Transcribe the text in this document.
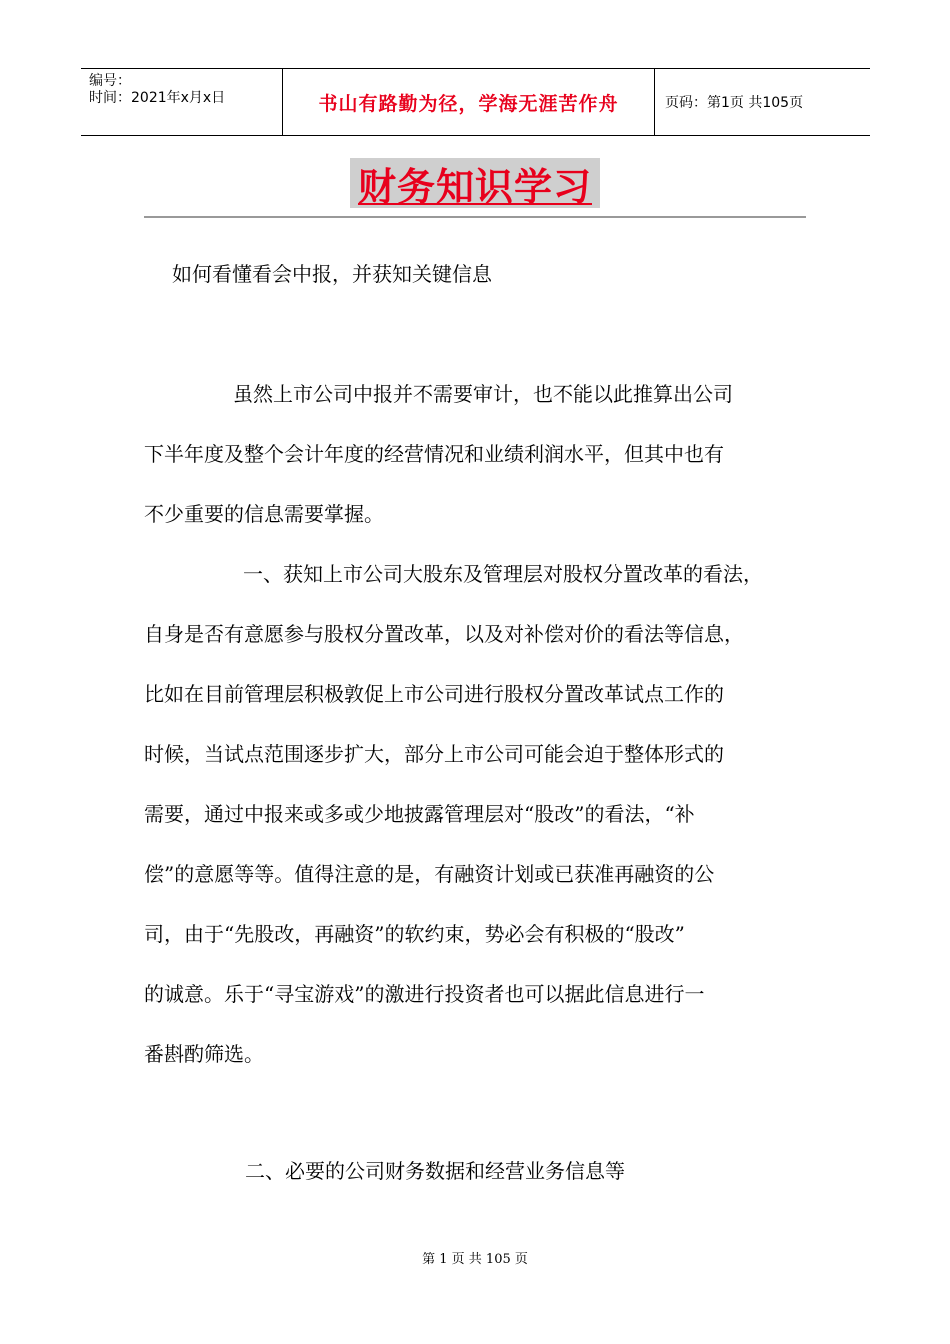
编号：
时间：2021年x月x日	书山有路勤为径，学海无涯苦作舟	页码：第1页 共105页
财务知识学习
如何看懂看会中报，并获知关键信息
虽然上市公司中报并不需要审计，也不能以此推算出公司
下半年度及整个会计年度的经营情况和业绩利润水平，但其中也有
不少重要的信息需要掌握。
一、获知上市公司大股东及管理层对股权分置改革的看法，
自身是否有意愿参与股权分置改革，以及对补偿对价的看法等信息，
比如在目前管理层积极敦促上市公司进行股权分置改革试点工作的
时候，当试点范围逐步扩大，部分上市公司可能会迫于整体形式的
需要，通过中报来或多或少地披露管理层对“股改”的看法，“补
偿”的意愿等等。值得注意的是，有融资计划或已获准再融资的公
司，由于“先股改，再融资”的软约束，势必会有积极的“股改”
的诚意。乐于“寻宝游戏”的激进行投资者也可以据此信息进行一
番斟酌筛选。
二、必要的公司财务数据和经营业务信息等
第 1 页 共 105 页
